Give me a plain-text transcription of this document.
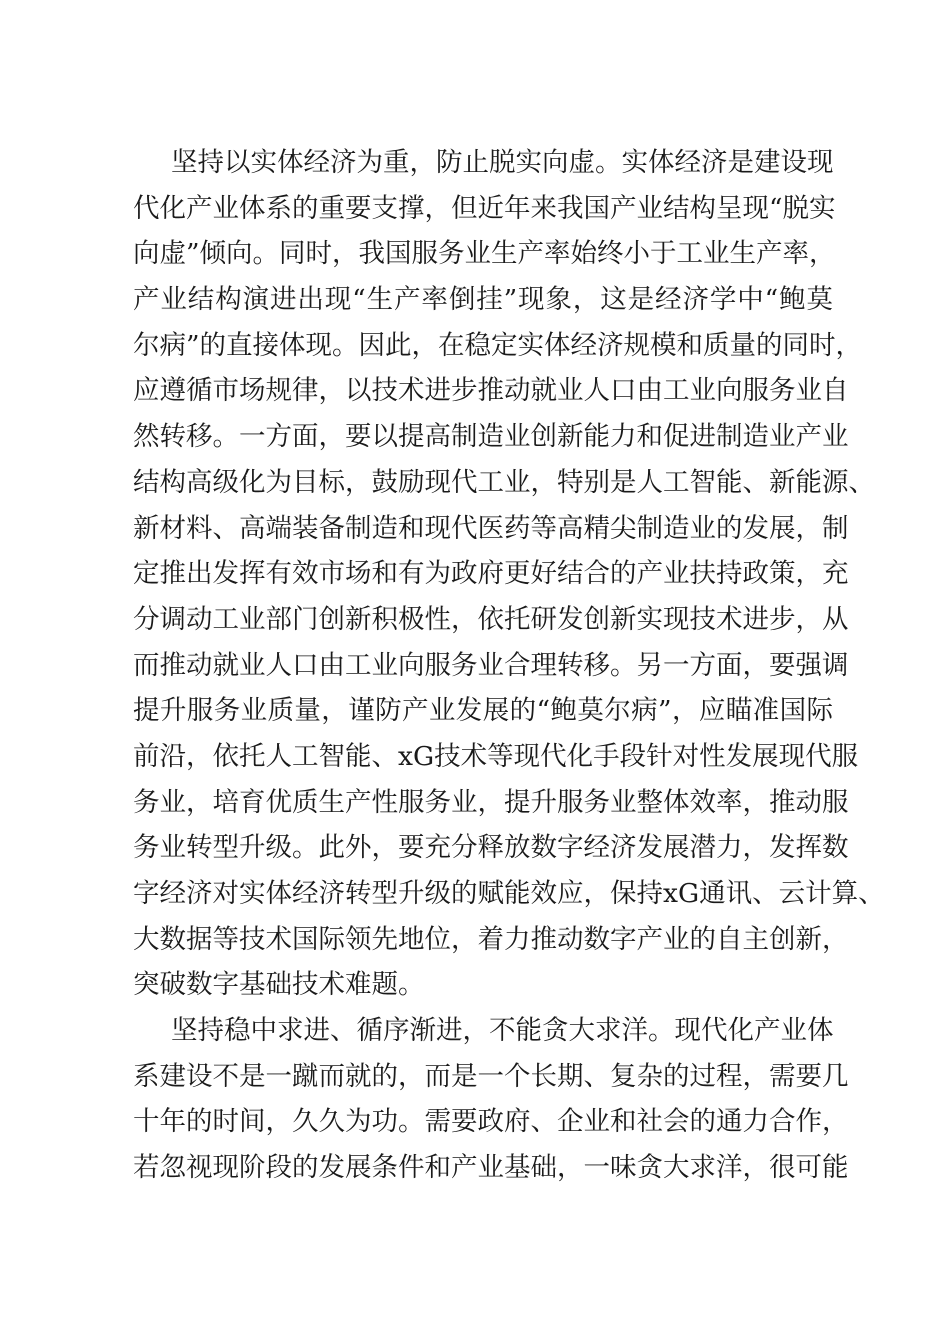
坚持以实体经济为重，防止脱实向虚。实体经济是建设现
代化产业体系的重要支撑，但近年来我国产业结构呈现“脱实
向虚”倾向。同时，我国服务业生产率始终小于工业生产率，
产业结构演进出现“生产率倒挂”现象，这是经济学中“鲍莫
尔病”的直接体现。因此，在稳定实体经济规模和质量的同时，
应遵循市场规律，以技术进步推动就业人口由工业向服务业自
然转移。一方面，要以提高制造业创新能力和促进制造业产业
结构高级化为目标，鼓励现代工业，特别是人工智能、新能源、
新材料、高端装备制造和现代医药等高精尖制造业的发展，制
定推出发挥有效市场和有为政府更好结合的产业扶持政策，充
分调动工业部门创新积极性，依托研发创新实现技术进步，从
而推动就业人口由工业向服务业合理转移。另一方面，要强调
提升服务业质量，谨防产业发展的“鲍莫尔病”，应瞄准国际
前沿，依托人工智能、xG技术等现代化手段针对性发展现代服
务业，培育优质生产性服务业，提升服务业整体效率，推动服
务业转型升级。此外，要充分释放数字经济发展潜力，发挥数
字经济对实体经济转型升级的赋能效应，保持xG通讯、云计算、
大数据等技术国际领先地位，着力推动数字产业的自主创新，
突破数字基础技术难题。
坚持稳中求进、循序渐进，不能贪大求洋。现代化产业体
系建设不是一蹴而就的，而是一个长期、复杂的过程，需要几
十年的时间，久久为功。需要政府、企业和社会的通力合作，
若忽视现阶段的发展条件和产业基础，一味贪大求洋，很可能
